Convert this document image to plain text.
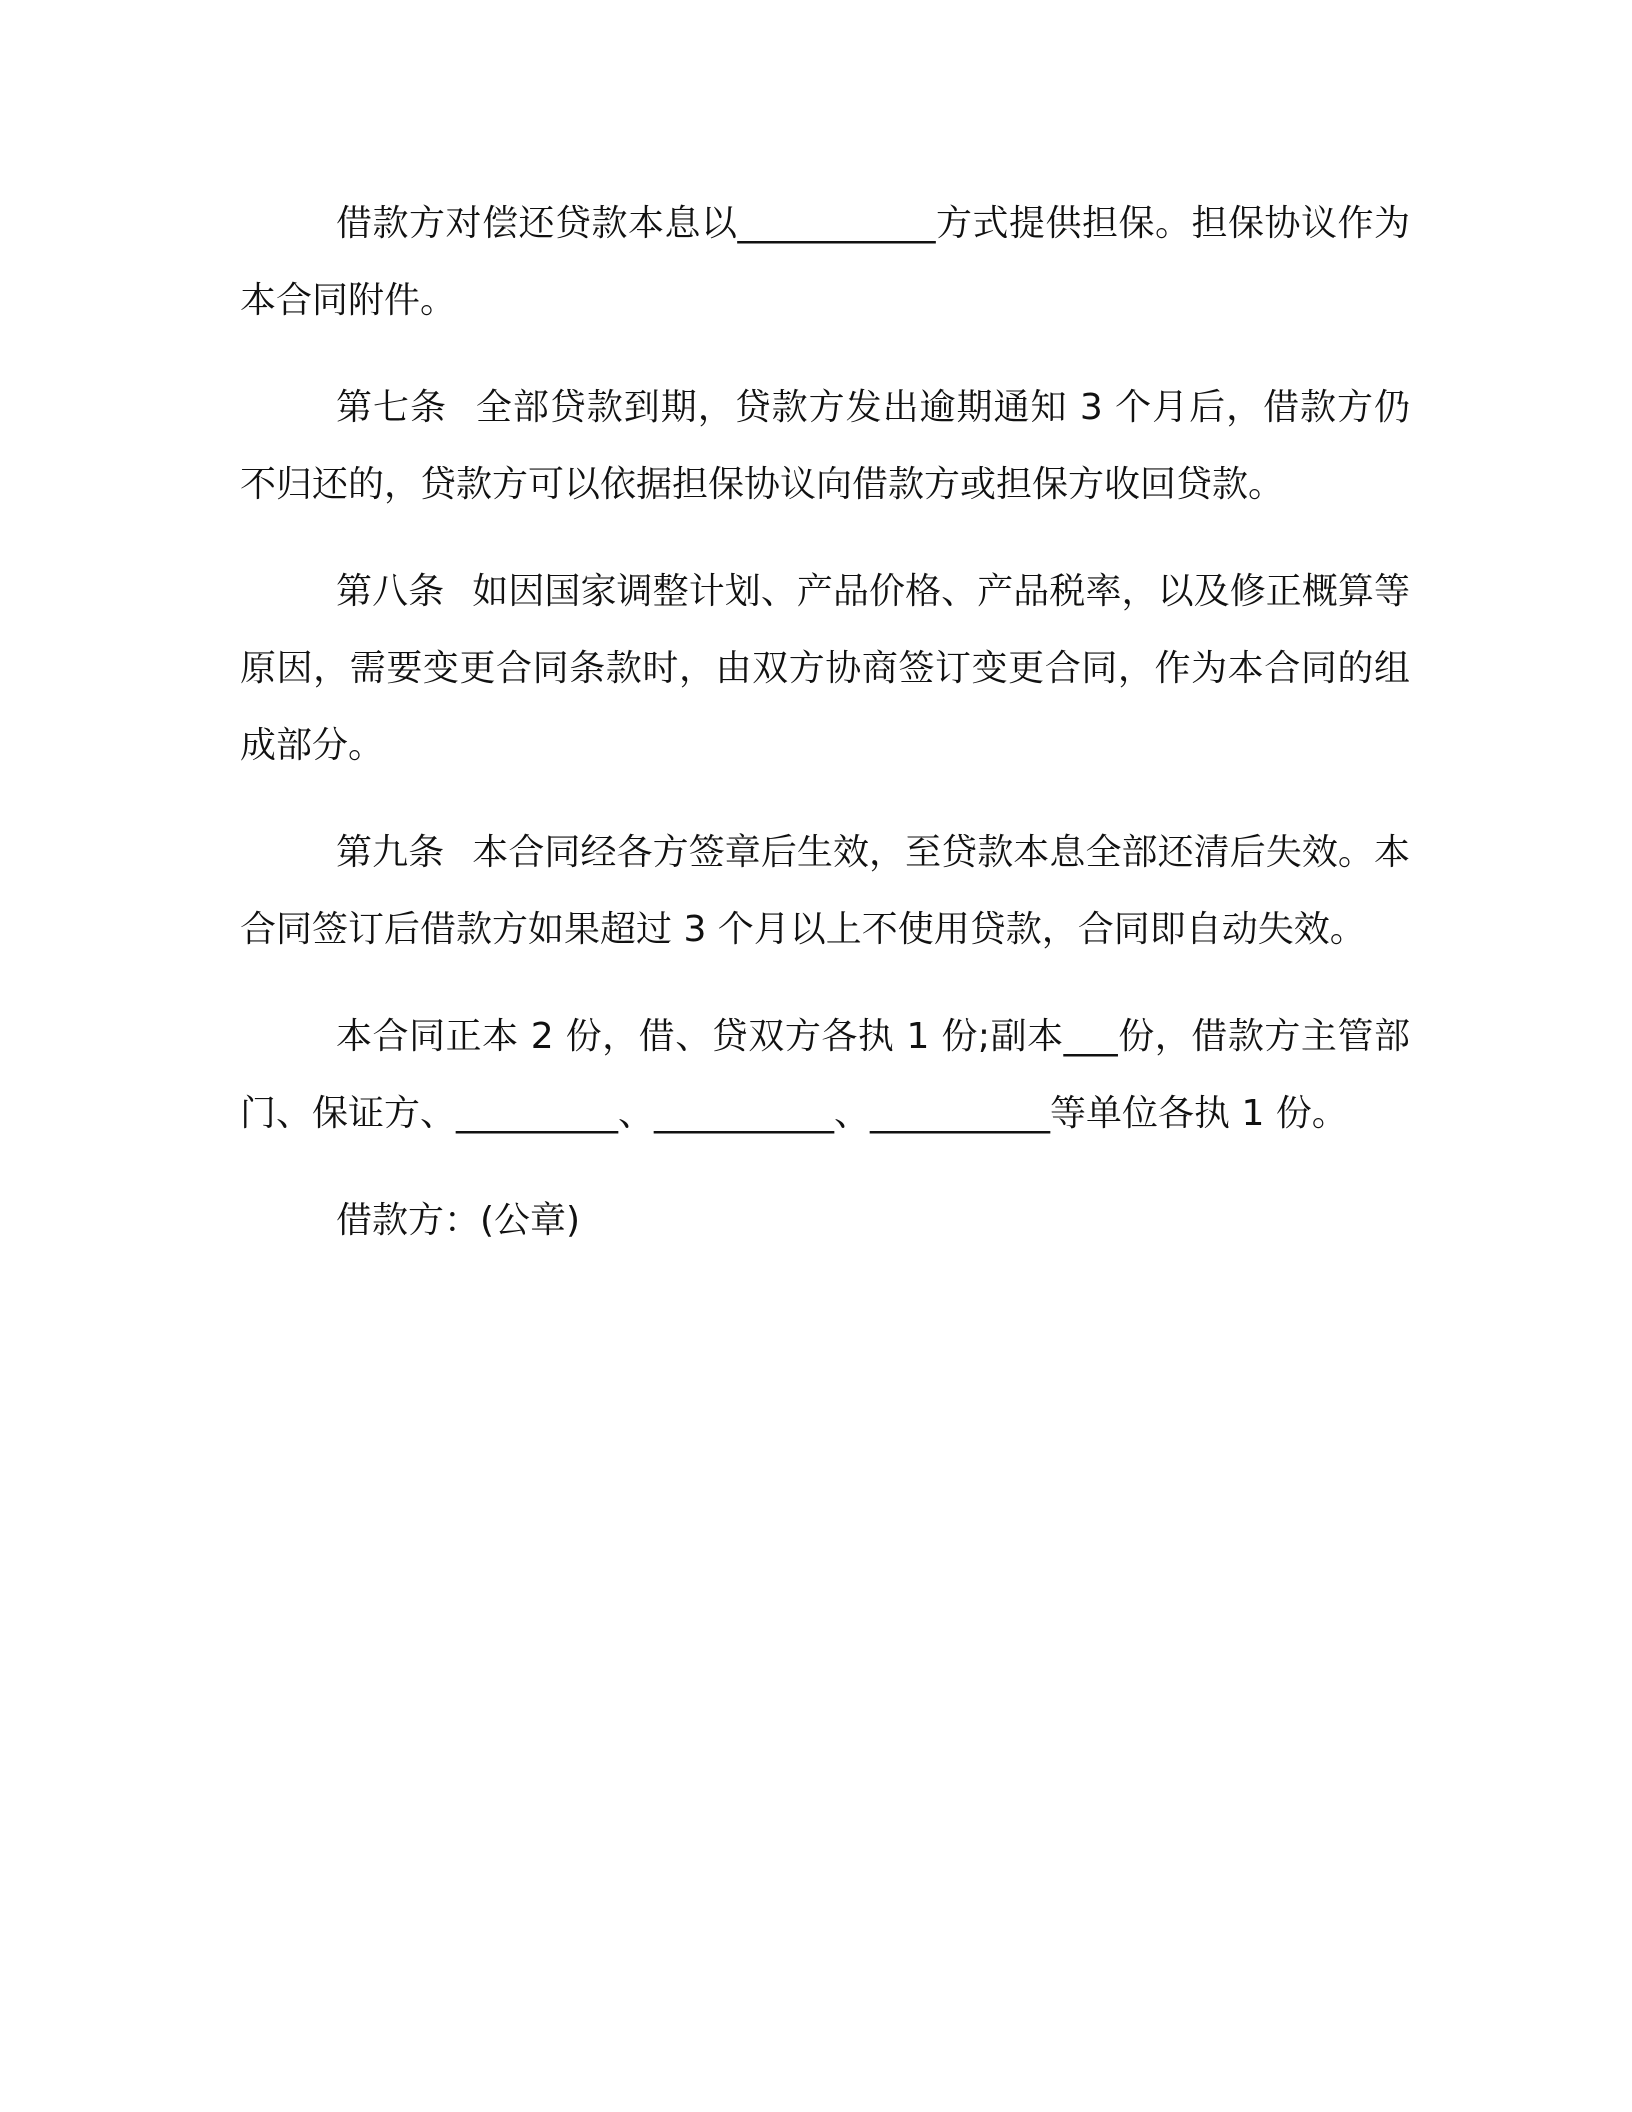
借款方对偿还贷款本息以___________方式提供担保。担保协议作为本合同附件。

第七条 全部贷款到期，贷款方发出逾期通知 3 个月后，借款方仍不归还的，贷款方可以依据担保协议向借款方或担保方收回贷款。

第八条 如因国家调整计划、产品价格、产品税率，以及修正概算等原因，需要变更合同条款时，由双方协商签订变更合同，作为本合同的组成部分。

第九条 本合同经各方签章后生效，至贷款本息全部还清后失效。本合同签订后借款方如果超过 3 个月以上不使用贷款，合同即自动失效。

本合同正本 2 份，借、贷双方各执 1 份;副本___份，借款方主管部门、保证方、_________、__________、__________等单位各执 1 份。

借款方：(公章)
